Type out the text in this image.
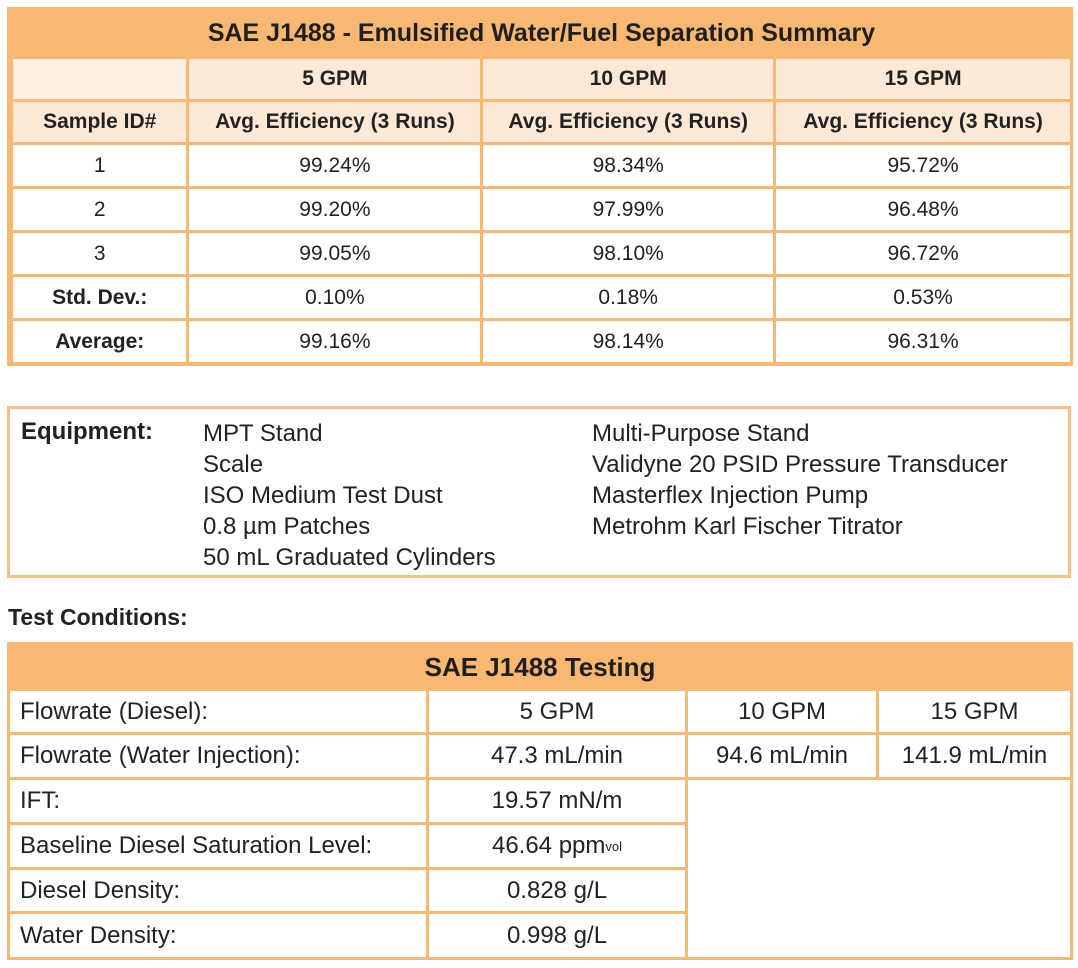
SAE J1488 - Emulsified Water/Fuel Separation Summary			
	5 GPM	10 GPM	15 GPM
Sample ID#	Avg. Efficiency (3 Runs)	Avg. Efficiency (3 Runs)	Avg. Efficiency (3 Runs)
1	99.24%	98.34%	95.72%
2	99.20%	97.99%	96.48%
3	99.05%	98.10%	96.72%
Std. Dev.:	0.10%	0.18%	0.53%
Average:	99.16%	98.14%	96.31%
Equipment: MPT Stand
Scale
ISO Medium Test Dust
0.8 µm Patches
50 mL Graduated Cylinders
Multi-Purpose Stand
Validyne 20 PSID Pressure Transducer
Masterflex Injection Pump
Metrohm Karl Fischer Titrator
Test Conditions:
SAE J1488 Testing
Flowrate (Diesel):	5 GPM	10 GPM	15 GPM
Flowrate (Water Injection):	47.3 mL/min	94.6 mL/min	141.9 mL/min
IFT:	19.57 mN/m
Baseline Diesel Saturation Level:	46.64 ppm vol
Diesel Density:	0.828 g/L
Water Density:	0.998 g/L
